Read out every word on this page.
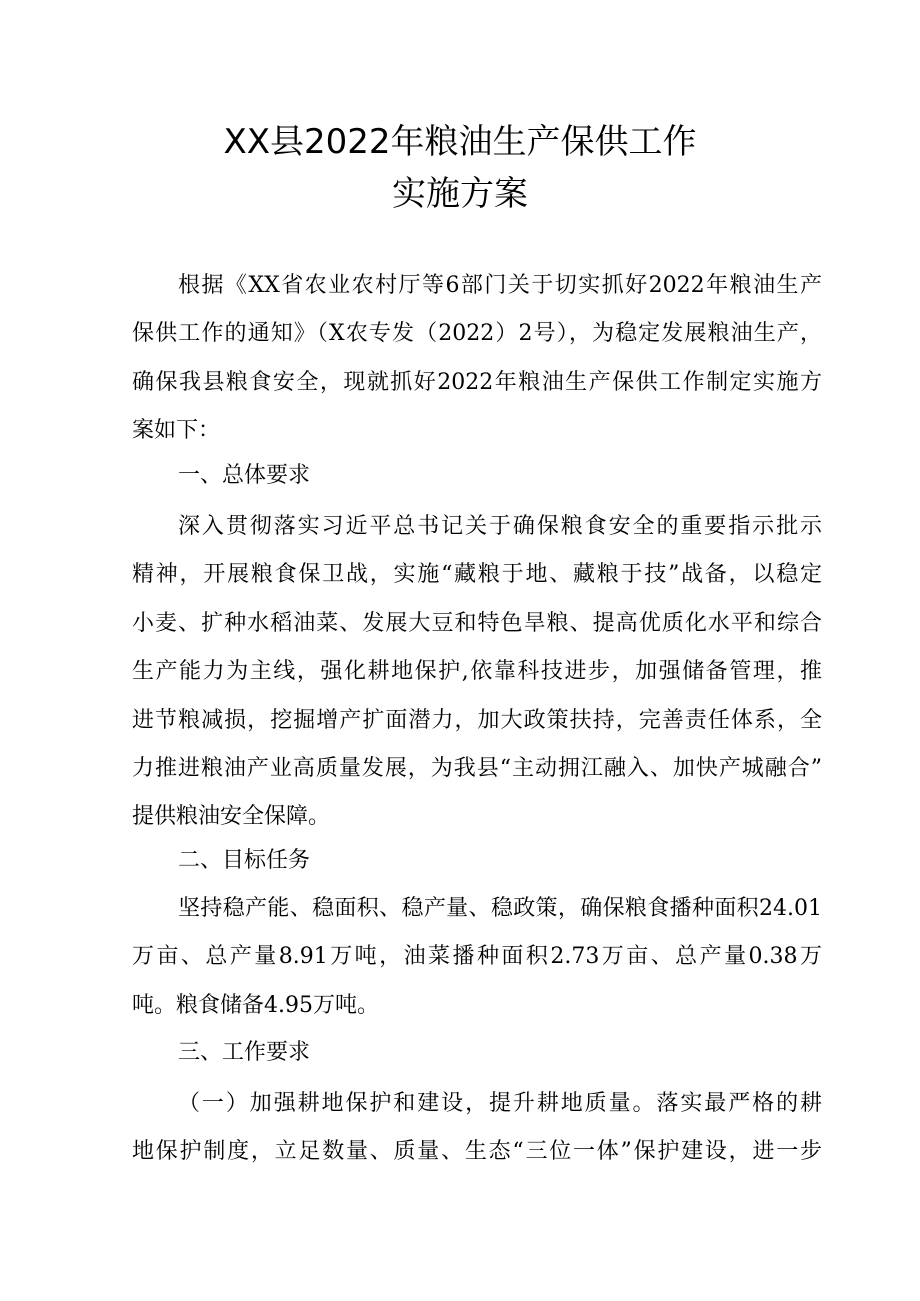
XX县2022年粮油生产保供工作
实施方案

根据《XX省农业农村厅等6部门关于切实抓好2022年粮油生产
保供工作的通知》（X农专发（2022）2号），为稳定发展粮油生产，
确保我县粮食安全，现就抓好2022年粮油生产保供工作制定实施方
案如下：

一、总体要求

深入贯彻落实习近平总书记关于确保粮食安全的重要指示批示
精神，开展粮食保卫战，实施“藏粮于地、藏粮于技”战备，以稳定
小麦、扩种水稻油菜、发展大豆和特色旱粮、提高优质化水平和综合
生产能力为主线，强化耕地保护,依靠科技进步，加强储备管理，推
进节粮减损，挖掘增产扩面潜力，加大政策扶持，完善责任体系，全
力推进粮油产业高质量发展，为我县“主动拥江融入、加快产城融合”
提供粮油安全保障。

二、目标任务

坚持稳产能、稳面积、稳产量、稳政策，确保粮食播种面积24.01
万亩、总产量8.91万吨，油菜播种面积2.73万亩、总产量0.38万
吨。粮食储备4.95万吨。

三、工作要求

（一）加强耕地保护和建设，提升耕地质量。落实最严格的耕
地保护制度，立足数量、质量、生态“三位一体”保护建设，进一步
